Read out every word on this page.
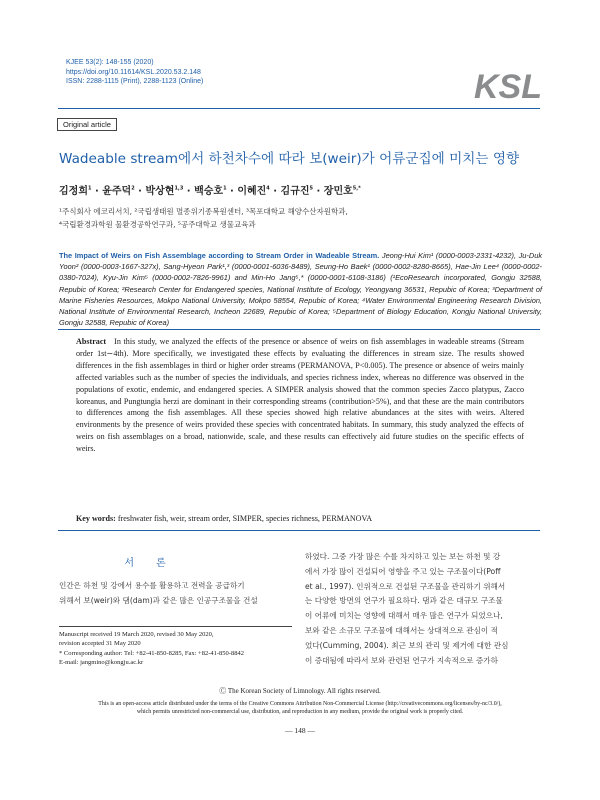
KJEE 53(2): 148-155 (2020)
https://doi.org/10.11614/KSL.2020.53.2.148
ISSN: 2288-1115 (Print), 2288-1123 (Online)	KSL
Original article
Wadeable stream에서 하천차수에 따라 보(weir)가 어류군집에 미치는 영향
김정희$^1$ · 윤주덕$^2$ · 박상현$^{1,3}$ · 백승호$^1$ · 이혜진$^4$ · 김규진$^5$ · 장민호$^{5,*}$
¹주식회사 에코리서치, ²국립생태원 멸종위기종복원센터, ³목포대학교 해양수산자원학과,
⁴국립환경과학원 물환경공학연구과, ⁵공주대학교 생물교육과
The Impact of Weirs on Fish Assemblage according to Stream Order in Wadeable Stream. Jeong-Hui Kim¹ (0000-0003-2331-4232), Ju-Duk Yoon² (0000-0003-1667-327x), Sang-Hyeon Park¹,³ (0000-0001-6036-8489), Seung-Ho Baek¹ (0000-0002-8280-8665), Hae-Jin Lee⁴ (0000-0002-0380-7024), Kyu-Jin Kim⁵ (0000-0002-7826-9961) and Min-Ho Jang⁵,* (0000-0001-6108-3186) (¹EcoResearch incorporated, Gongju 32588, Repubic of Korea; ²Research Center for Endangered species, National Institute of Ecology, Yeongyang 36531, Repubic of Korea; ³Department of Marine Fisheries Resources, Mokpo National University, Mokpo 58554, Repubic of Korea; ⁴Water Environmental Engineering Research Division, National Institute of Environmental Research, Incheon 22689, Repubic of Korea; ⁵Department of Biology Education, Kongju National University, Gongju 32588, Repubic of Korea)
Abstract In this study, we analyzed the effects of the presence or absence of weirs on fish assemblages in wadeable streams (Stream order 1st∼4th). More specifically, we investigated these effects by evaluating the differences in stream size. The results showed differences in the fish assemblages in third or higher order streams (PERMANOVA, P<0.005). The presence or absence of weirs mainly affected variables such as the number of species the individuals, and species richness index, whereas no difference was observed in the populations of exotic, endemic, and endangered species. A SIMPER analysis showed that the common species Zacco platypus, Zacco koreanus, and Pungtungia herzi are dominant in their corresponding streams (contribution>5%), and that these are the main contributors to differences among the fish assemblages. All these species showed high relative abundances at the sites with weirs. Altered environments by the presence of weirs provided these species with concentrated habitats. In summary, this study analyzed the effects of weirs on fish assemblages on a broad, nationwide, scale, and these results can effectively aid future studies on the specific effects of weirs.
Key words: freshwater fish, weir, stream order, SIMPER, species richness, PERMANOVA
서론
인간은 하천 및 강에서 용수를 활용하고 전력을 공급하기
위해서 보(weir)와 댐(dam)과 같은 많은 인공구조물을 건설
하였다. 그중 가장 많은 수를 차지하고 있는 보는 하천 및 강
에서 가장 많이 건설되어 영향을 주고 있는 구조물이다(Poff
et al., 1997). 인위적으로 건설된 구조물을 관리하기 위해서
는 다양한 방면의 연구가 필요하다. 댐과 같은 대규모 구조물
이 어류에 미치는 영향에 대해서 매우 많은 연구가 되었으나,
보와 같은 소규모 구조물에 대해서는 상대적으로 관심이 적
었다(Cumming, 2004). 최근 보의 관리 및 제거에 대한 관심
이 증대됨에 따라서 보와 관련된 연구가 지속적으로 증가하
Manuscript received 19 March 2020, revised 30 May 2020,
revision accepted 31 May 2020
* Corresponding author: Tel: +82-41-850-8285, Fax: +82-41-850-8842
E-mail: jangmino@kongju.ac.kr
Ⓒ The Korean Society of Limnology. All rights reserved.
This is an open-access article distributed under the terms of the Creative Commons Attribution Non-Commercial License (http://creativecommons.org/licenses/by-nc/3.0/),
which permits unrestricted non-commercial use, distribution, and reproduction in any medium, provide the original work is properly cited.
— 148 —
